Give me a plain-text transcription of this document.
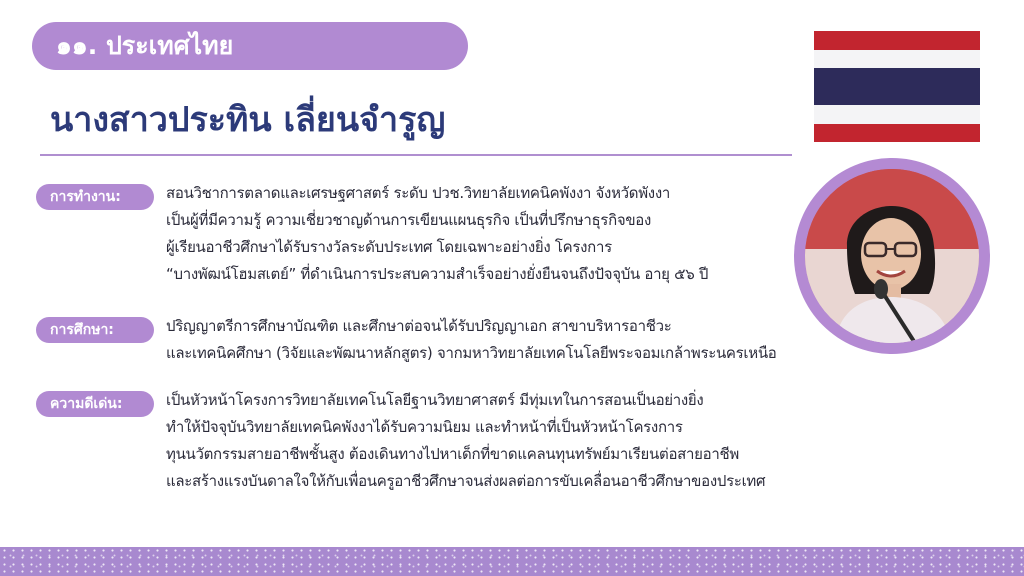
๑๑. ประเทศไทย
นางสาวประทิน เลี่ยนจำรูญ
การทำงาน:	สอนวิชาการตลาดและเศรษฐศาสตร์ ระดับ ปวช.วิทยาลัยเทคนิคพังงา จังหวัดพังงา
เป็นผู้ที่มีความรู้ ความเชี่ยวชาญด้านการเขียนแผนธุรกิจ เป็นที่ปรึกษาธุรกิจของ
ผู้เรียนอาชีวศึกษาได้รับรางวัลระดับประเทศ โดยเฉพาะอย่างยิ่ง โครงการ
“บางพัฒน์โฮมสเตย์” ที่ดำเนินการประสบความสำเร็จอย่างยั่งยืนจนถึงปัจจุบัน อายุ ๕๖ ปี
การศึกษา:	ปริญญาตรีการศึกษาบัณฑิต และศึกษาต่อจนได้รับปริญญาเอก สาขาบริหารอาชีวะ
และเทคนิคศึกษา (วิจัยและพัฒนาหลักสูตร) จากมหาวิทยาลัยเทคโนโลยีพระจอมเกล้าพระนครเหนือ
ความดีเด่น:	เป็นหัวหน้าโครงการวิทยาลัยเทคโนโลยีฐานวิทยาศาสตร์ มีทุ่มเทในการสอนเป็นอย่างยิ่ง
ทำให้ปัจจุบันวิทยาลัยเทคนิคพังงาได้รับความนิยม และทำหน้าที่เป็นหัวหน้าโครงการ
ทุนนวัตกรรมสายอาชีพชั้นสูง ต้องเดินทางไปหาเด็กที่ขาดแคลนทุนทรัพย์มาเรียนต่อสายอาชีพ
และสร้างแรงบันดาลใจให้กับเพื่อนครูอาชีวศึกษาจนส่งผลต่อการขับเคลื่อนอาชีวศึกษาของประเทศ
